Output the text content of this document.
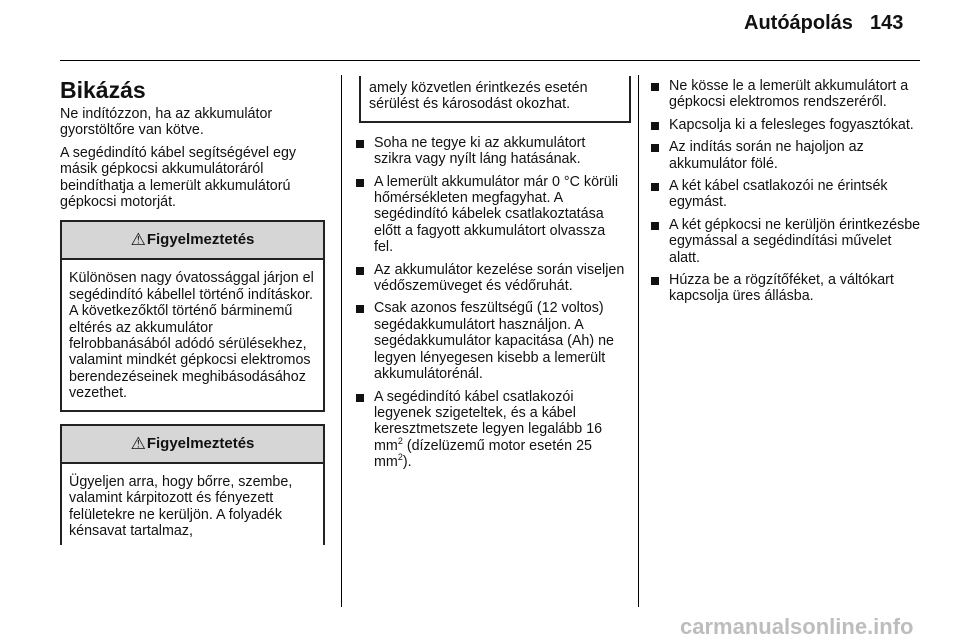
Autóápolás 143
Bikázás

Ne indítózzon, ha az akkumulátor gyorstöltőre van kötve.

A segédindító kábel segítségével egy másik gépkocsi akkumulátoráról beindíthatja a lemerült akkumulátorú gépkocsi motorját.

⚠Figyelmeztetés
Különösen nagy óvatossággal járjon el segédindító kábellel történő indításkor. A következőktől történő bárminemű eltérés az akkumulátor felrobbanásából adódó sérülésekhez, valamint mindkét gépkocsi elektromos berendezéseinek meghibásodásához vezethet.
⚠Figyelmeztetés
Ügyeljen arra, hogy bőrre, szembe, valamint kárpitozott és fényezett felületekre ne kerüljön. A folyadék kénsavat tartalmaz,
amely közvetlen érintkezés esetén sérülést és károsodást okozhat.
Soha ne tegye ki az akkumulátort szikra vagy nyílt láng hatásának.
A lemerült akkumulátor már 0 °C körüli hőmérsékleten megfagyhat. A segédindító kábelek csatlakoztatása előtt a fagyott akkumulátort olvassza fel.
Az akkumulátor kezelése során viseljen védőszemüveget és védőruhát.
Csak azonos feszültségű (12 voltos) segédakkumulátort használjon. A segédakkumulátor kapacitása (Ah) ne legyen lényegesen kisebb a lemerült akkumulátorénál.
A segédindító kábel csatlakozói legyenek szigeteltek, és a kábel keresztmetszete legyen legalább 16 $mm^2$ (dízelüzemű motor esetén 25 $mm^2$).
Ne kösse le a lemerült akkumulátort a gépkocsi elektromos rendszeréről.
Kapcsolja ki a felesleges fogyasztókat.
Az indítás során ne hajoljon az akkumulátor fölé.
A két kábel csatlakozói ne érintsék egymást.
A két gépkocsi ne kerüljön érintkezésbe egymással a segédindítási művelet alatt.
Húzza be a rögzítőféket, a váltókart kapcsolja üres állásba.
carmanualsonline.info
